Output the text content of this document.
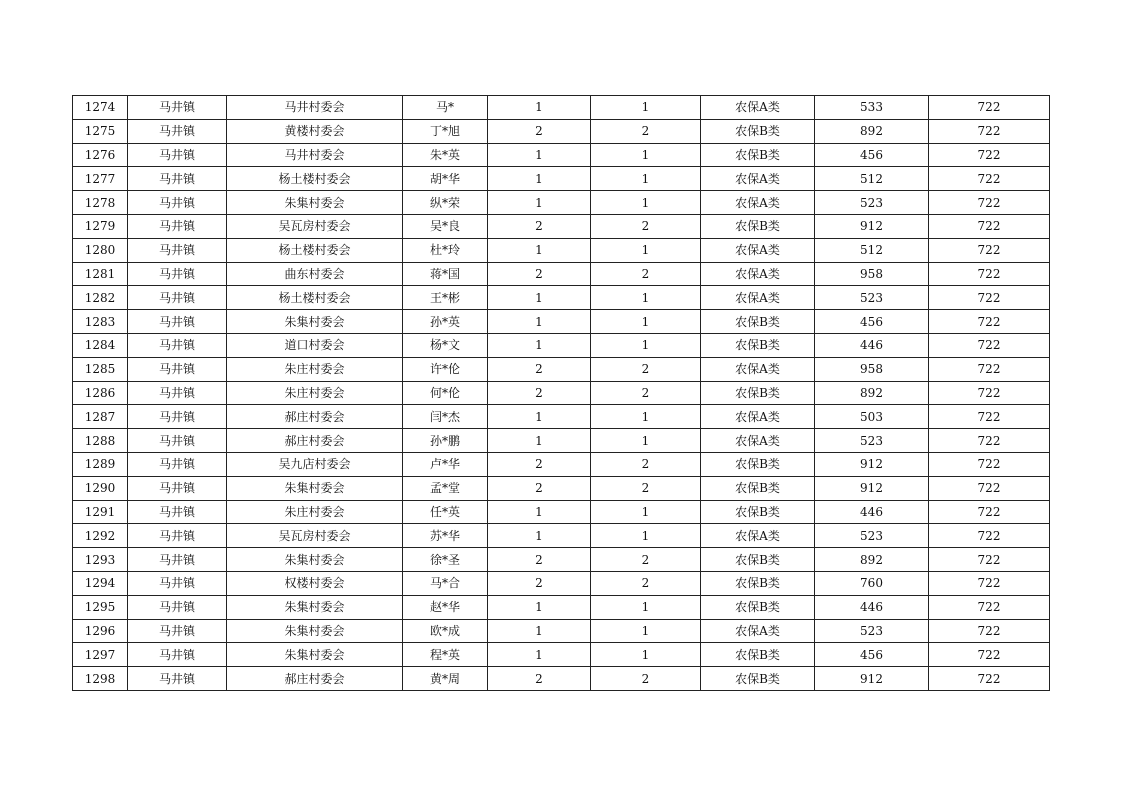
1274	马井镇	马井村委会	马*	1	1	农保A类	533	722
1275	马井镇	黄楼村委会	丁*旭	2	2	农保B类	892	722
1276	马井镇	马井村委会	朱*英	1	1	农保B类	456	722
1277	马井镇	杨土楼村委会	胡*华	1	1	农保A类	512	722
1278	马井镇	朱集村委会	纵*荣	1	1	农保A类	523	722
1279	马井镇	吴瓦房村委会	吴*良	2	2	农保B类	912	722
1280	马井镇	杨土楼村委会	杜*玲	1	1	农保A类	512	722
1281	马井镇	曲东村委会	蒋*国	2	2	农保A类	958	722
1282	马井镇	杨土楼村委会	王*彬	1	1	农保A类	523	722
1283	马井镇	朱集村委会	孙*英	1	1	农保B类	456	722
1284	马井镇	道口村委会	杨*文	1	1	农保B类	446	722
1285	马井镇	朱庄村委会	许*伦	2	2	农保A类	958	722
1286	马井镇	朱庄村委会	何*伦	2	2	农保B类	892	722
1287	马井镇	郝庄村委会	闫*杰	1	1	农保A类	503	722
1288	马井镇	郝庄村委会	孙*鹏	1	1	农保A类	523	722
1289	马井镇	吴九店村委会	卢*华	2	2	农保B类	912	722
1290	马井镇	朱集村委会	孟*堂	2	2	农保B类	912	722
1291	马井镇	朱庄村委会	任*英	1	1	农保B类	446	722
1292	马井镇	吴瓦房村委会	苏*华	1	1	农保A类	523	722
1293	马井镇	朱集村委会	徐*圣	2	2	农保B类	892	722
1294	马井镇	权楼村委会	马*合	2	2	农保B类	760	722
1295	马井镇	朱集村委会	赵*华	1	1	农保B类	446	722
1296	马井镇	朱集村委会	欧*成	1	1	农保A类	523	722
1297	马井镇	朱集村委会	程*英	1	1	农保B类	456	722
1298	马井镇	郝庄村委会	黄*周	2	2	农保B类	912	722
